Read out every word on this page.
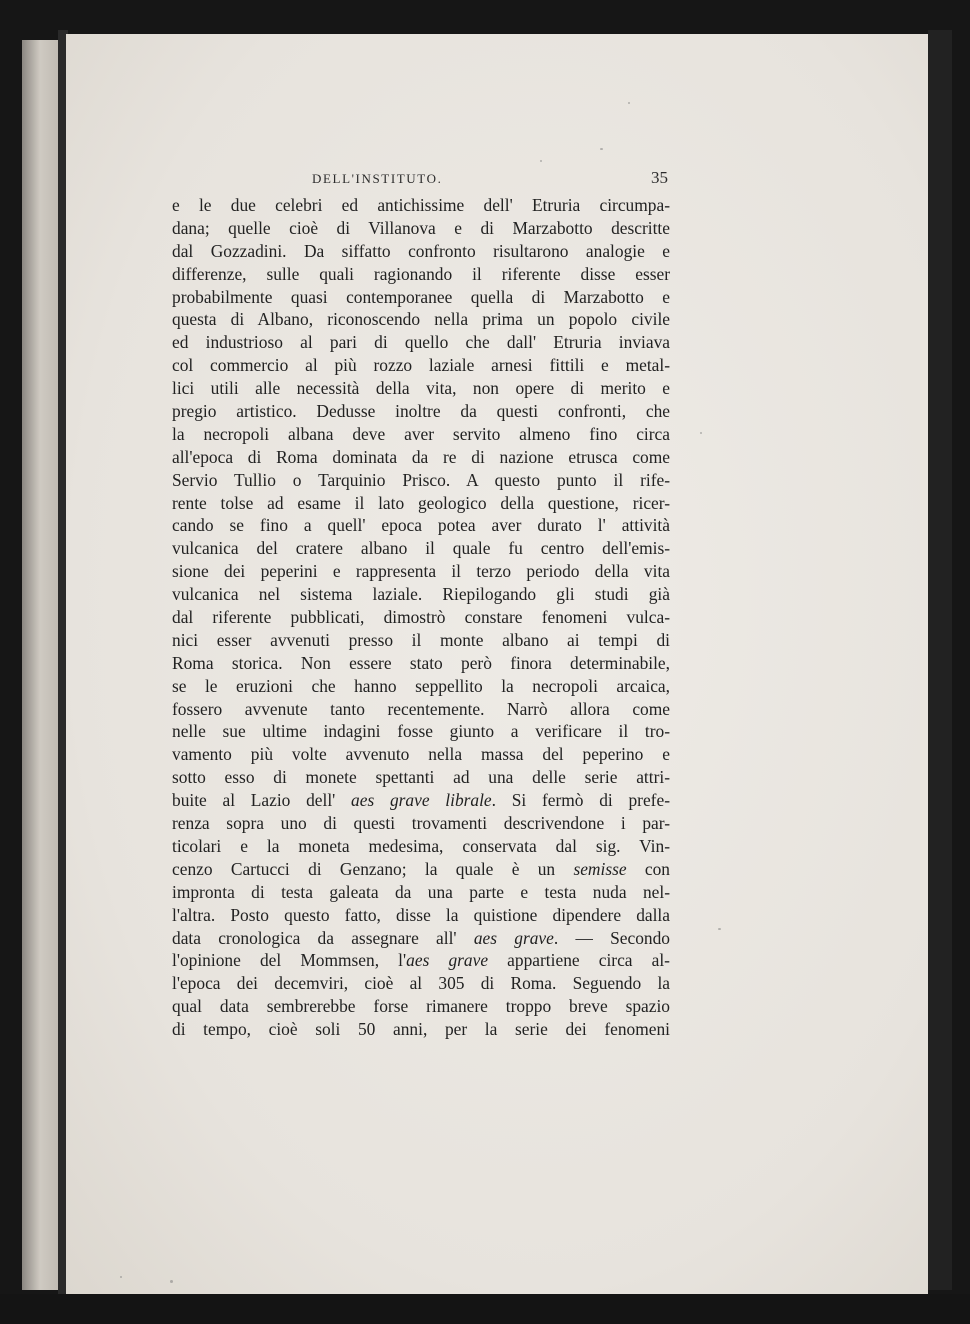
DELL'INSTITUTO.	35
e le due celebri ed antichissime dell' Etruria circumpa-
dana; quelle cioè di Villanova e di Marzabotto descritte
dal Gozzadini. Da siffatto confronto risultarono analogie e
differenze, sulle quali ragionando il riferente disse esser
probabilmente quasi contemporanee quella di Marzabotto e
questa di Albano, riconoscendo nella prima un popolo civile
ed industrioso al pari di quello che dall' Etruria inviava
col commercio al più rozzo laziale arnesi fittili e metal-
lici utili alle necessità della vita, non opere di merito e
pregio artistico. Dedusse inoltre da questi confronti, che
la necropoli albana deve aver servito almeno fino circa
all'epoca di Roma dominata da re di nazione etrusca come
Servio Tullio o Tarquinio Prisco. A questo punto il rife-
rente tolse ad esame il lato geologico della questione, ricer-
cando se fino a quell' epoca potea aver durato l' attività
vulcanica del cratere albano il quale fu centro dell'emis-
sione dei peperini e rappresenta il terzo periodo della vita
vulcanica nel sistema laziale. Riepilogando gli studi già
dal riferente pubblicati, dimostrò constare fenomeni vulca-
nici esser avvenuti presso il monte albano ai tempi di
Roma storica. Non essere stato però finora determinabile,
se le eruzioni che hanno seppellito la necropoli arcaica,
fossero avvenute tanto recentemente. Narrò allora come
nelle sue ultime indagini fosse giunto a verificare il tro-
vamento più volte avvenuto nella massa del peperino e
sotto esso di monete spettanti ad una delle serie attri-
buite al Lazio dell' aes grave librale. Si fermò di prefe-
renza sopra uno di questi trovamenti descrivendone i par-
ticolari e la moneta medesima, conservata dal sig. Vin-
cenzo Cartucci di Genzano; la quale è un semisse con
impronta di testa galeata da una parte e testa nuda nel-
l'altra. Posto questo fatto, disse la quistione dipendere dalla
data cronologica da assegnare all' aes grave. — Secondo
l'opinione del Mommsen, l'aes grave appartiene circa al-
l'epoca dei decemviri, cioè al 305 di Roma. Seguendo la
qual data sembrerebbe forse rimanere troppo breve spazio
di tempo, cioè soli 50 anni, per la serie dei fenomeni
